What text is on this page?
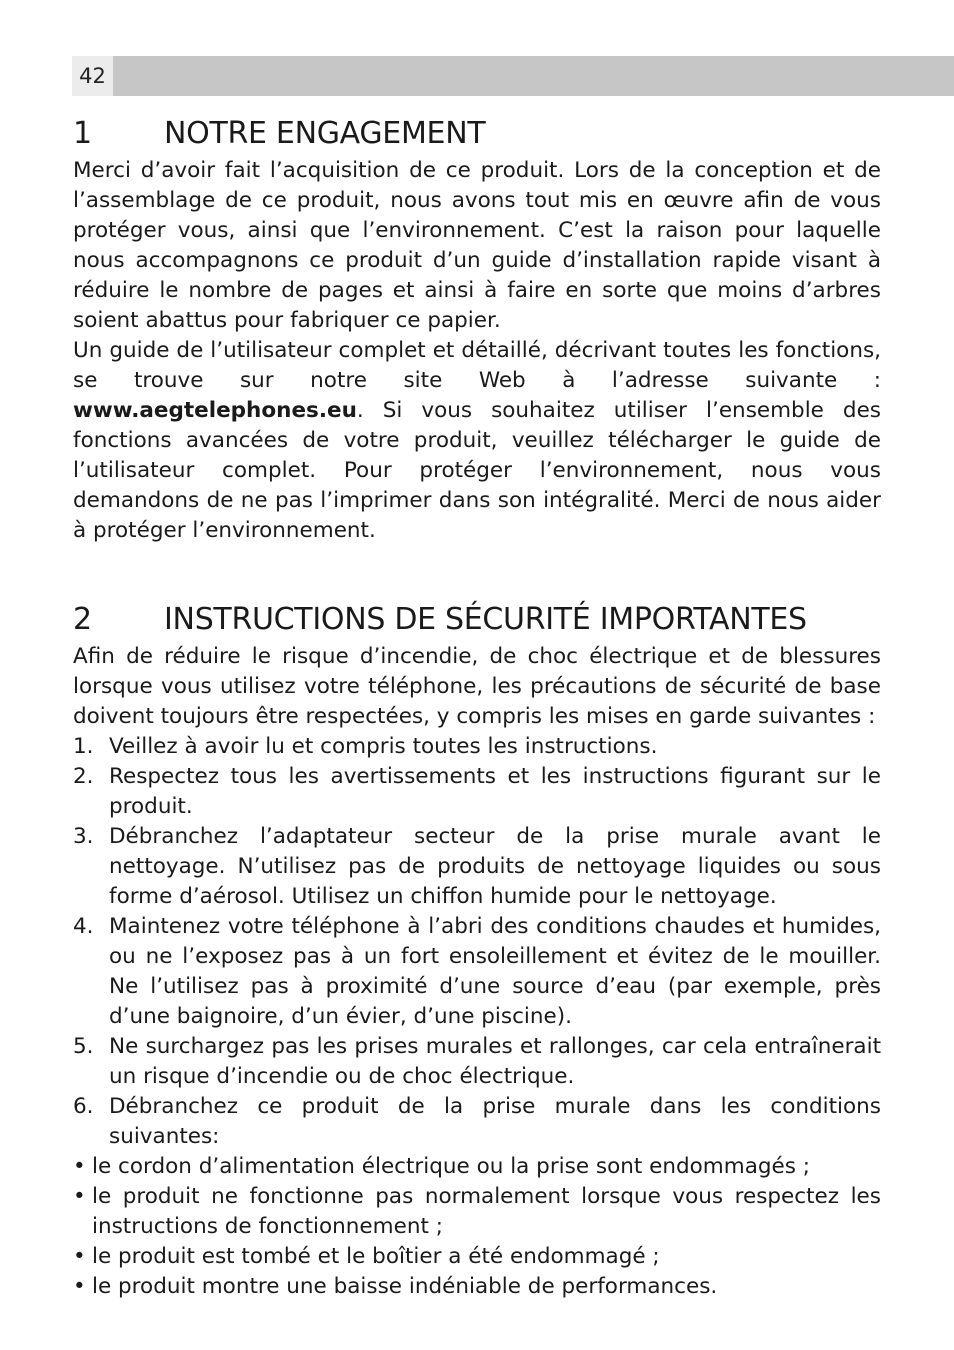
42
1	NOTRE ENGAGEMENT

Merci d’avoir fait l’acquisition de ce produit. Lors de la conception et de l’assemblage de ce produit, nous avons tout mis en œuvre afin de vous protéger vous, ainsi que l’environnement. C’est la raison pour laquelle nous accompagnons ce produit d’un guide d’installation rapide visant à réduire le nombre de pages et ainsi à faire en sorte que moins d’arbres soient abattus pour fabriquer ce papier.

Un guide de l’utilisateur complet et détaillé, décrivant toutes les fonctions, se trouve sur notre site Web à l’adresse suivante : www.aegtelephones.eu. Si vous souhaitez utiliser l’ensemble des fonctions avancées de votre produit, veuillez télécharger le guide de l’utilisateur complet. Pour protéger l’environnement, nous vous demandons de ne pas l’imprimer dans son intégralité. Merci de nous aider à protéger l’environnement.

2	INSTRUCTIONS DE SÉCURITÉ IMPORTANTES

Afin de réduire le risque d’incendie, de choc électrique et de blessures lorsque vous utilisez votre téléphone, les précautions de sécurité de base doivent toujours être respectées, y compris les mises en garde suivantes :

1. Veillez à avoir lu et compris toutes les instructions.
2. Respectez tous les avertissements et les instructions figurant sur le produit.
3. Débranchez l’adaptateur secteur de la prise murale avant le nettoyage. N’utilisez pas de produits de nettoyage liquides ou sous forme d’aérosol. Utilisez un chiffon humide pour le nettoyage.
4. Maintenez votre téléphone à l’abri des conditions chaudes et humides, ou ne l’exposez pas à un fort ensoleillement et évitez de le mouiller. Ne l’utilisez pas à proximité d’une source d’eau (par exemple, près d’une baignoire, d’un évier, d’une piscine).
5. Ne surchargez pas les prises murales et rallonges, car cela entraînerait un risque d’incendie ou de choc électrique.
6. Débranchez ce produit de la prise murale dans les conditions suivantes:
• le cordon d’alimentation électrique ou la prise sont endommagés ;
• le produit ne fonctionne pas normalement lorsque vous respectez les instructions de fonctionnement ;
• le produit est tombé et le boîtier a été endommagé ;
• le produit montre une baisse indéniable de performances.
